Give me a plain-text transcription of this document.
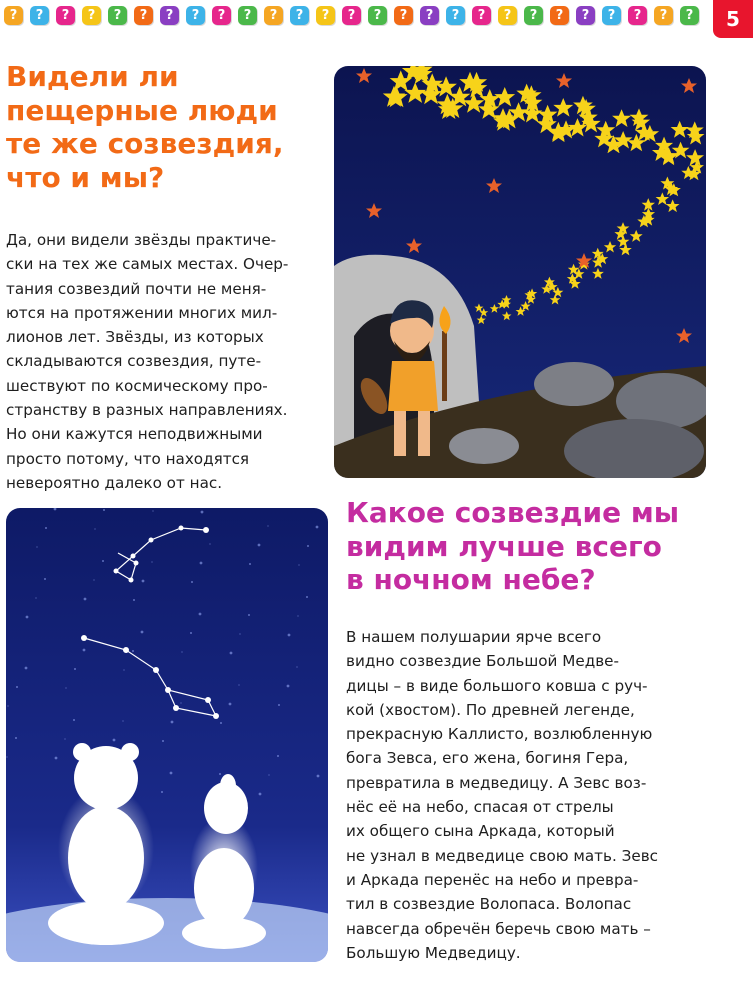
?	?	?	?	?	?	?	?	?	?	?	?	?	?	?	?	?	?	?	?	?	?	?	?	?	?	?	5
Видели ли
пещерные люди
те же созвездия,
что и мы?

Да, они видели звёзды практиче-
ски на тех же самых местах. Очер-
тания созвездий почти не меня-
ются на протяжении многих мил-
лионов лет. Звёзды, из которых
складываются созвездия, путе-
шествуют по космическому про-
странству в разных направлениях.
Но они кажутся неподвижными
просто потому, что находятся
невероятно далеко от нас.

Какое созвездие мы
видим лучше всего
в ночном небе?

В нашем полушарии ярче всего
видно созвездие Большой Медве-
дицы – в виде большого ковша с руч-
кой (хвостом). По древней легенде,
прекрасную Каллисто, возлюбленную
бога Зевса, его жена, богиня Гера,
превратила в медведицу. А Зевс воз-
нёс её на небо, спасая от стрелы
их общего сына Аркада, который
не узнал в медведице свою мать. Зевс
и Аркада перенёс на небо и превра-
тил в созвездие Волопаса. Волопас
навсегда обречён беречь свою мать –
Большую Медведицу.
